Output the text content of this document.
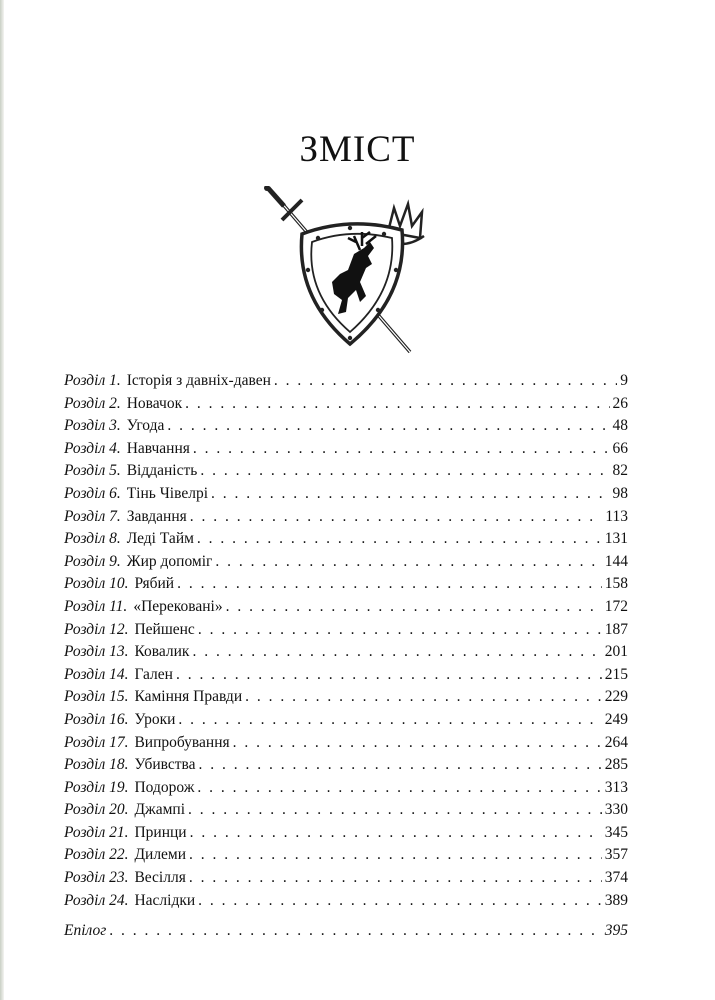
ЗМІСТ
Розділ 1. Історія з давніх-давен . . .	9
Розділ 2. Новачок . . .	26
Розділ 3. Угода . . .	48
Розділ 4. Навчання . . .	66
Розділ 5. Відданість . . .	82
Розділ 6. Тінь Чівелрі . . .	98
Розділ 7. Завдання . . .	113
Розділ 8. Леді Тайм . . .	131
Розділ 9. Жир допоміг . . .	144
Розділ 10. Рябий . . .	158
Розділ 11. «Перековані» . . .	172
Розділ 12. Пейшенс . . .	187
Розділ 13. Ковалик . . .	201
Розділ 14. Гален . . .	215
Розділ 15. Каміння Правди . . .	229
Розділ 16. Уроки . . .	249
Розділ 17. Випробування . . .	264
Розділ 18. Убивства . . .	285
Розділ 19. Подорож . . .	313
Розділ 20. Джампі . . .	330
Розділ 21. Принци . . .	345
Розділ 22. Дилеми . . .	357
Розділ 23. Весілля . . .	374
Розділ 24. Наслідки . . .	389
Епілог . . .	395
